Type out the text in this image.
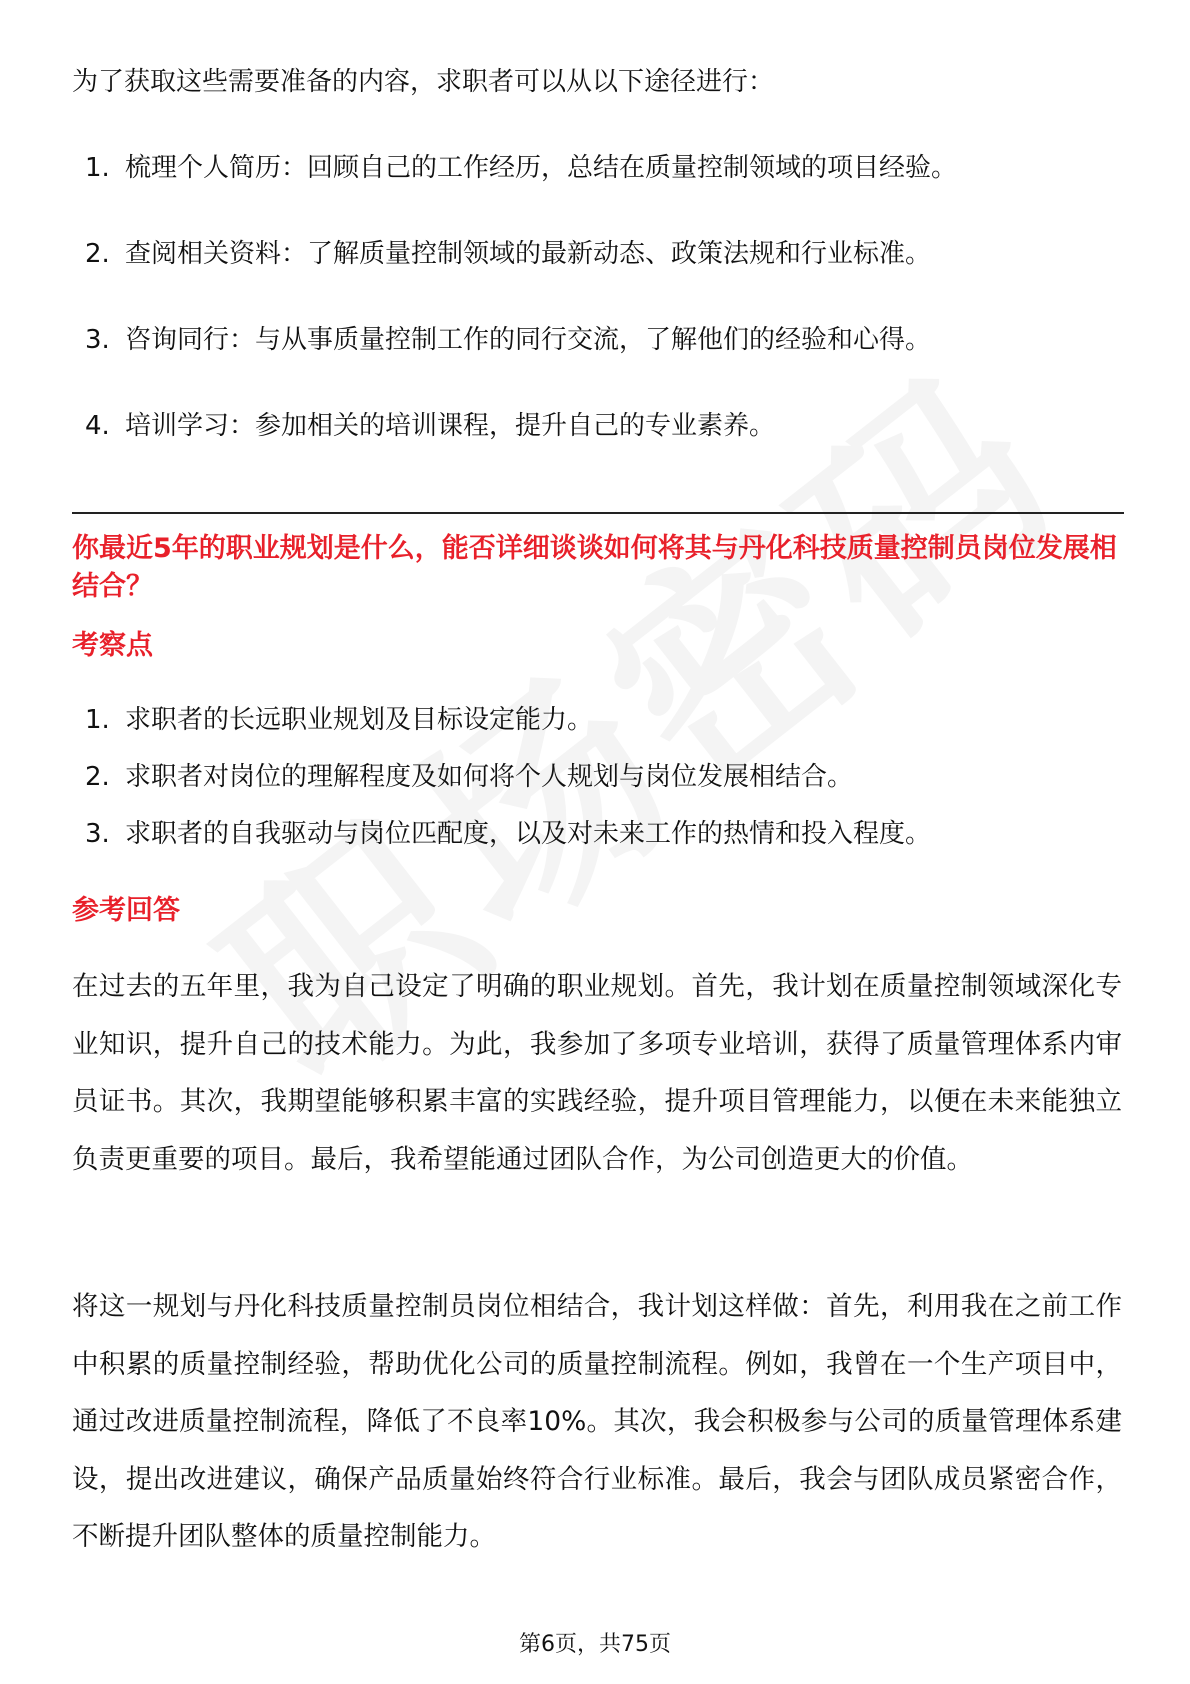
为了获取这些需要准备的内容，求职者可以从以下途径进行：

1. 梳理个人简历：回顾自己的工作经历，总结在质量控制领域的项目经验。
2. 查阅相关资料：了解质量控制领域的最新动态、政策法规和行业标准。
3. 咨询同行：与从事质量控制工作的同行交流，了解他们的经验和心得。
4. 培训学习：参加相关的培训课程，提升自己的专业素养。
你最近5年的职业规划是什么，能否详细谈谈如何将其与丹化科技质量控制员岗位发展相结合？
考察点
1. 求职者的长远职业规划及目标设定能力。
2. 求职者对岗位的理解程度及如何将个人规划与岗位发展相结合。
3. 求职者的自我驱动与岗位匹配度，以及对未来工作的热情和投入程度。
参考回答

在过去的五年里，我为自己设定了明确的职业规划。首先，我计划在质量控制领域深化专业知识，提升自己的技术能力。为此，我参加了多项专业培训，获得了质量管理体系内审员证书。其次，我期望能够积累丰富的实践经验，提升项目管理能力，以便在未来能独立负责更重要的项目。最后，我希望能通过团队合作，为公司创造更大的价值。

将这一规划与丹化科技质量控制员岗位相结合，我计划这样做：首先，利用我在之前工作中积累的质量控制经验，帮助优化公司的质量控制流程。例如，我曾在一个生产项目中，通过改进质量控制流程，降低了不良率10%。其次，我会积极参与公司的质量管理体系建设，提出改进建议，确保产品质量始终符合行业标准。最后，我会与团队成员紧密合作，不断提升团队整体的质量控制能力。

第6页，共75页
